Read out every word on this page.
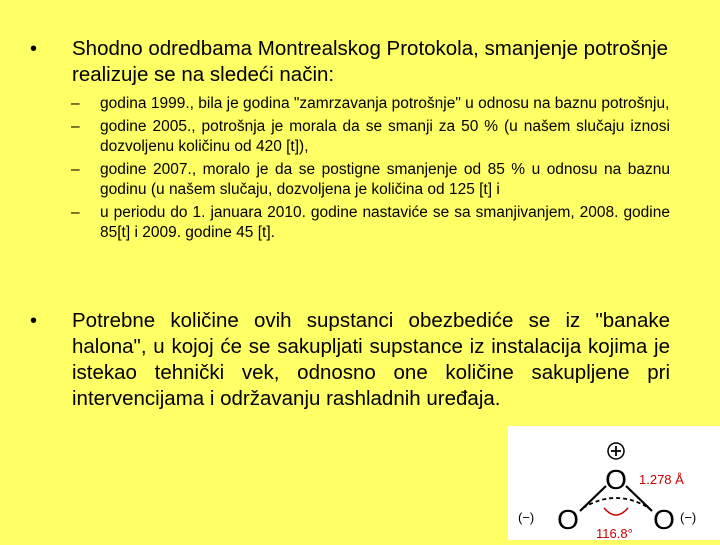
• Shodno odredbama Montrealskog Protokola, smanjenje potrošnje realizuje se na sledeći način:
– godina 1999., bila je godina "zamrzavanja potrošnje" u odnosu na baznu potrošnju,
– godine 2005., potrošnja je morala da se smanji za 50 % (u našem slučaju iznosi dozvoljenu količinu od 420 [t]),
– godine 2007., moralo je da se postigne smanjenje od 85 % u odnosu na baznu godinu (u našem slučaju, dozvoljena je količina od 125 [t] i
– u periodu do 1. januara 2010. godine nastaviće se sa smanjivanjem, 2008. godine 85[t] i 2009. godine 45 [t].
• Potrebne količine ovih supstanci obezbediće se iz "banake halona", u kojoj će se sakupljati supstance iz instalacija kojima je istekao tehnički vek, odnosno one količine sakupljene pri intervencijama i održavanju rashladnih uređaja.
O
O	O
(−)	(−)
1.278 Å
116.8°
